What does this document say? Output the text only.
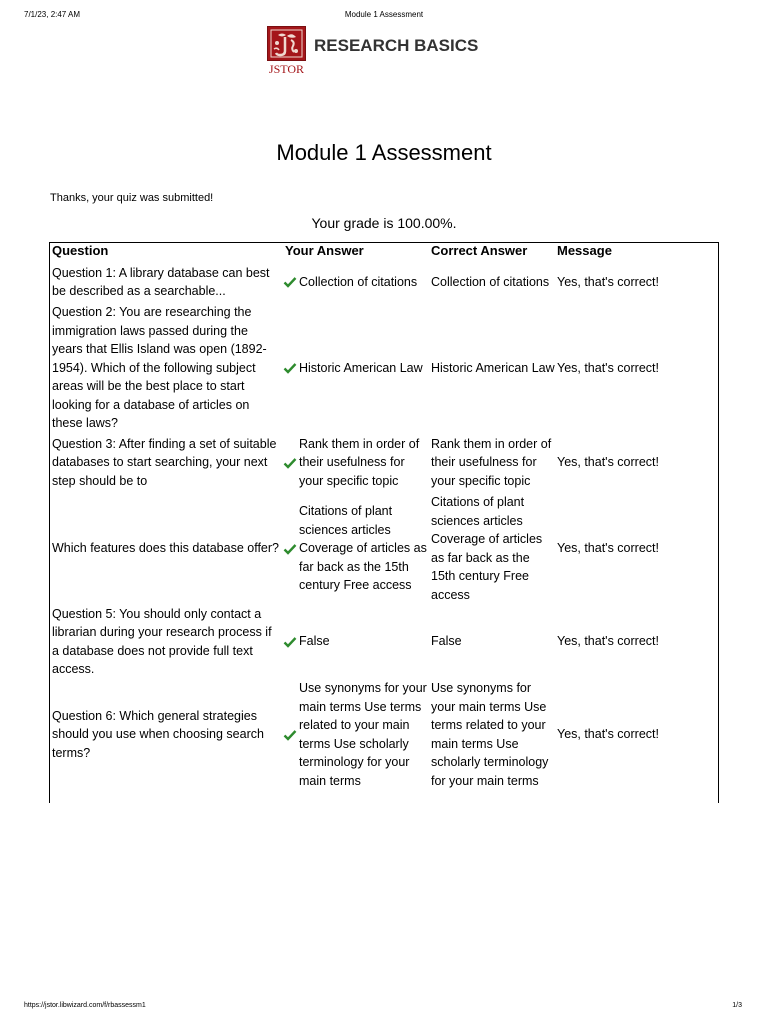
7/1/23, 2:47 AM	Module 1 Assessment
JSTOR
RESEARCH BASICS
Module 1 Assessment
Thanks, your quiz was submitted!
Your grade is 100.00%.
Question	Your Answer	Correct Answer	Message
Question 1: A library database can best be described as a searchable...	Collection of citations	Collection of citations	Yes, that's correct!
Question 2: You are researching the immigration laws passed during the years that Ellis Island was open (1892-1954). Which of the following subject areas will be the best place to start looking for a database of articles on these laws?	Historic American Law	Historic American Law	Yes, that's correct!
Question 3: After finding a set of suitable databases to start searching, your next step should be to	Rank them in order of their usefulness for your specific topic	Rank them in order of their usefulness for your specific topic	Yes, that's correct!
Which features does this database offer?	Citations of plant sciences articles Coverage of articles as far back as the 15th century Free access	Citations of plant sciences articles Coverage of articles as far back as the 15th century Free access	Yes, that's correct!
Question 5: You should only contact a librarian during your research process if a database does not provide full text access.	False	False	Yes, that's correct!
Question 6: Which general strategies should you use when choosing search terms?	Use synonyms for your main terms Use terms related to your main terms Use scholarly terminology for your main terms	Use synonyms for your main terms Use terms related to your main terms Use scholarly terminology for your main terms	Yes, that's correct!
https://jstor.libwizard.com/f/rbassessm1	1/3
